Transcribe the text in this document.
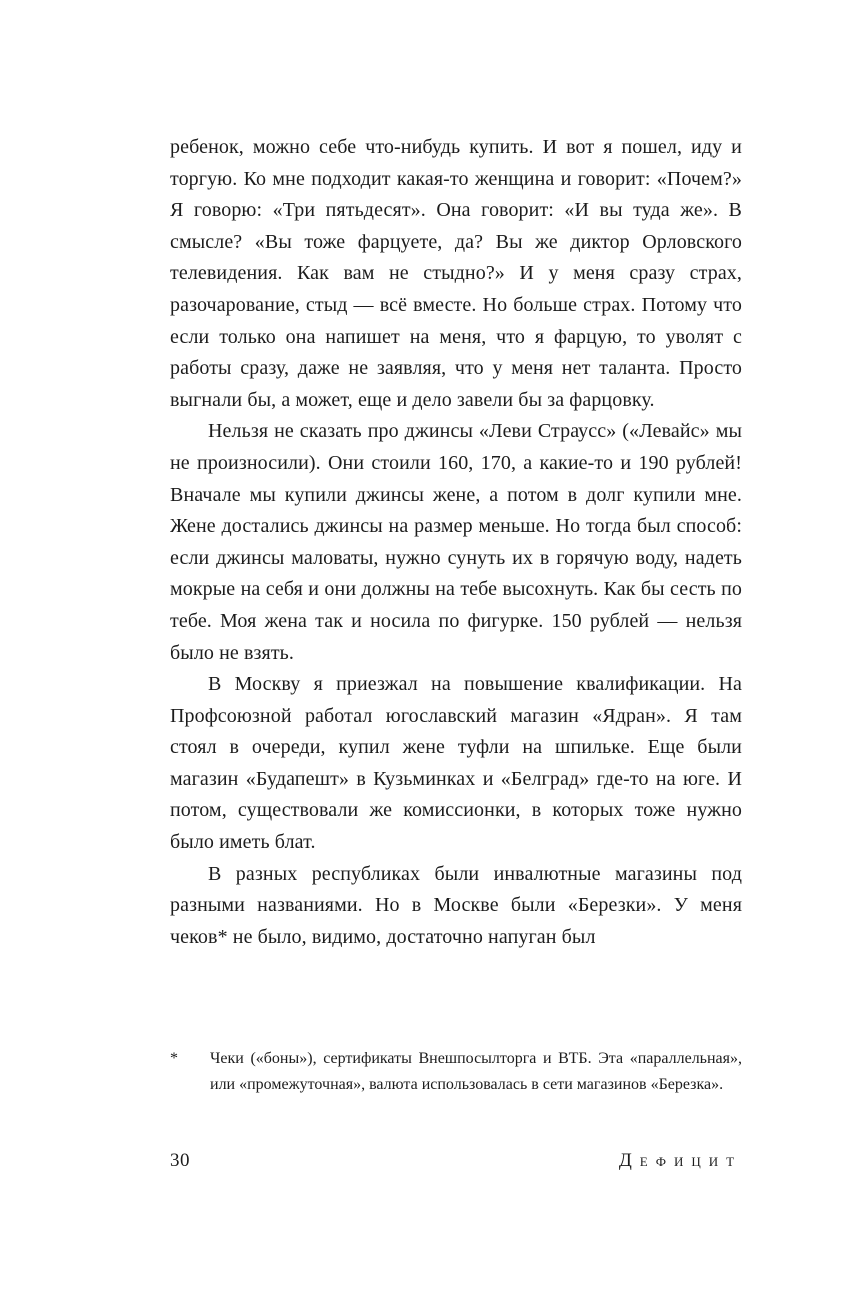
ребенок, можно себе что-нибудь купить. И вот я пошел, иду и торгую. Ко мне подходит какая-то женщина и говорит: «Почем?» Я говорю: «Три пятьдесят». Она говорит: «И вы туда же». В смысле? «Вы тоже фарцуете, да? Вы же диктор Орловского телевидения. Как вам не стыдно?» И у меня сразу страх, разочарование, стыд — всё вместе. Но больше страх. Потому что если только она напишет на меня, что я фарцую, то уволят с работы сразу, даже не заявляя, что у меня нет таланта. Просто выгнали бы, а может, еще и дело завели бы за фарцовку.

Нельзя не сказать про джинсы «Леви Страусс» («Левайс» мы не произносили). Они стоили 160, 170, а какие-то и 190 рублей! Вначале мы купили джинсы жене, а потом в долг купили мне. Жене достались джинсы на размер меньше. Но тогда был способ: если джинсы маловаты, нужно сунуть их в горячую воду, надеть мокрые на себя и они должны на тебе высохнуть. Как бы сесть по тебе. Моя жена так и носила по фигурке. 150 рублей — нельзя было не взять.

В Москву я приезжал на повышение квалификации. На Профсоюзной работал югославский магазин «Ядран». Я там стоял в очереди, купил жене туфли на шпильке. Еще были магазин «Будапешт» в Кузьминках и «Белград» где-то на юге. И потом, существовали же комиссионки, в которых тоже нужно было иметь блат.

В разных республиках были инвалютные магазины под разными названиями. Но в Москве были «Березки». У меня чеков* не было, видимо, достаточно напуган был

*	Чеки («боны»), сертификаты Внешпосылторга и ВТБ. Эта «параллельная», или «промежуточная», валюта использовалась в сети магазинов «Березка».
30	Дефицит
